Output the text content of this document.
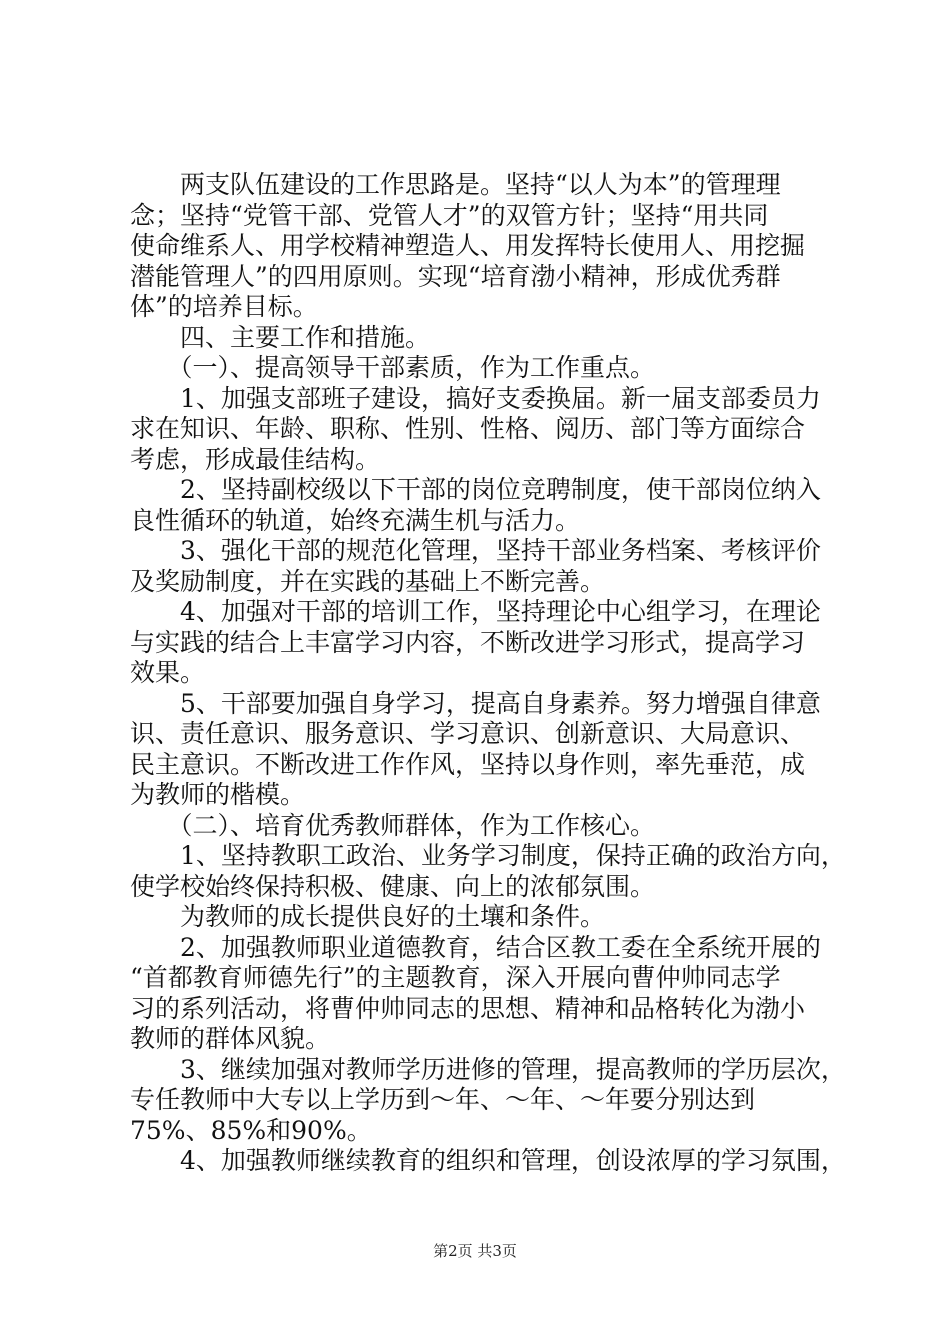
　　两支队伍建设的工作思路是。坚持“以人为本”的管理理
念；坚持“党管干部、党管人才”的双管方针；坚持“用共同
使命维系人、用学校精神塑造人、用发挥特长使用人、用挖掘
潜能管理人”的四用原则。实现“培育渤小精神，形成优秀群
体”的培养目标。
　　四、主要工作和措施。
　　（一）、提高领导干部素质，作为工作重点。
　　1、加强支部班子建设，搞好支委换届。新一届支部委员力
求在知识、年龄、职称、性别、性格、阅历、部门等方面综合
考虑，形成最佳结构。
　　2、坚持副校级以下干部的岗位竞聘制度，使干部岗位纳入
良性循环的轨道，始终充满生机与活力。
　　3、强化干部的规范化管理，坚持干部业务档案、考核评价
及奖励制度，并在实践的基础上不断完善。
　　4、加强对干部的培训工作，坚持理论中心组学习，在理论
与实践的结合上丰富学习内容，不断改进学习形式，提高学习
效果。
　　5、干部要加强自身学习，提高自身素养。努力增强自律意
识、责任意识、服务意识、学习意识、创新意识、大局意识、
民主意识。不断改进工作作风，坚持以身作则，率先垂范，成
为教师的楷模。
　　（二）、培育优秀教师群体，作为工作核心。
　　1、坚持教职工政治、业务学习制度，保持正确的政治方向，
使学校始终保持积极、健康、向上的浓郁氛围。
　　为教师的成长提供良好的土壤和条件。
　　2、加强教师职业道德教育，结合区教工委在全系统开展的
“首都教育师德先行”的主题教育，深入开展向曹仲帅同志学
习的系列活动，将曹仲帅同志的思想、精神和品格转化为渤小
教师的群体风貌。
　　3、继续加强对教师学历进修的管理，提高教师的学历层次，
专任教师中大专以上学历到～年、～年、～年要分别达到
75%、85%和90%。
　　4、加强教师继续教育的组织和管理，创设浓厚的学习氛围，
第2页 共3页
